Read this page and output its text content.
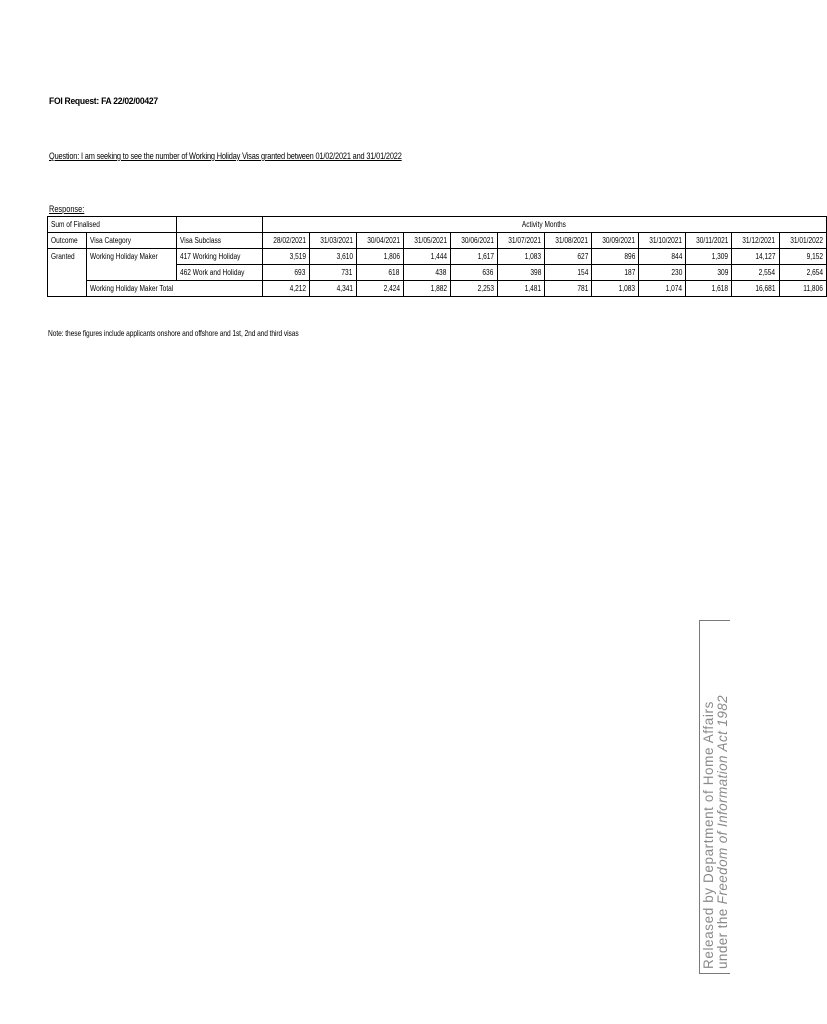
FOI Request: FA 22/02/00427
Question: I am seeking to see the number of Working Holiday Visas granted between 01/02/2021 and 31/01/2022
Response:
Sum of Finalised			Activity Months											
Outcome	Visa Category	Visa Subclass	28/02/2021	31/03/2021	30/04/2021	31/05/2021	30/06/2021	31/07/2021	31/08/2021	30/09/2021	31/10/2021	30/11/2021	31/12/2021	31/01/2022
Granted	Working Holiday Maker	417 Working Holiday	3,519	3,610	1,806	1,444	1,617	1,083	627	896	844	1,309	14,127	9,152
		462 Work and Holiday	693	731	618	438	636	398	154	187	230	309	2,554	2,654
	Working Holiday Maker Total		4,212	4,341	2,424	1,882	2,253	1,481	781	1,083	1,074	1,618	16,681	11,806
Note: these figures include applicants onshore and offshore and 1st, 2nd and third visas
Released by Department of Home Affairs under the Freedom of Information Act 1982
